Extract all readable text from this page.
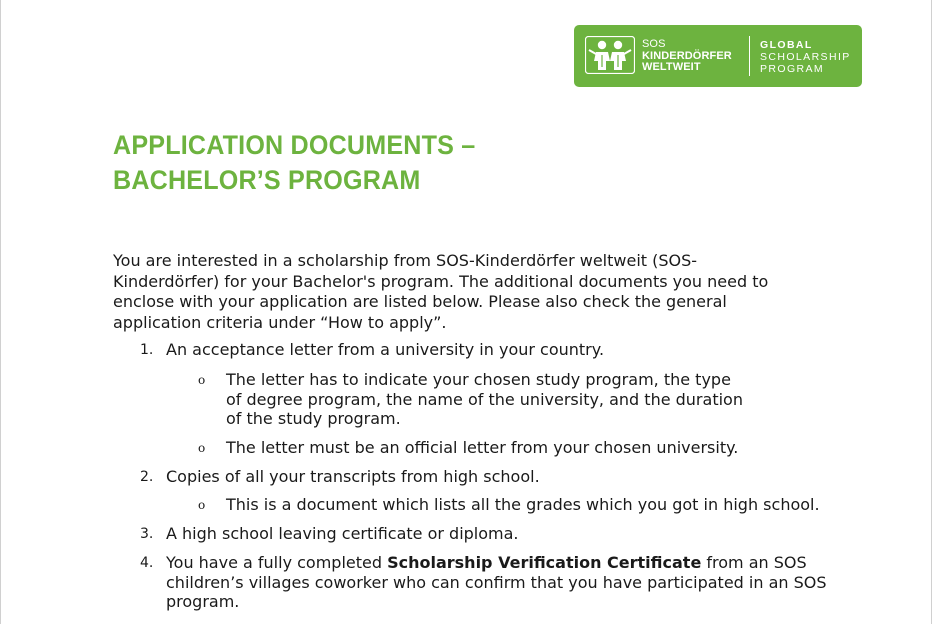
SOS
KINDERDÖRFER
WELTWEIT
GLOBAL
SCHOLARSHIP
PROGRAM
APPLICATION DOCUMENTS –
BACHELOR’S PROGRAM

You are interested in a scholarship from SOS-Kinderdörfer weltweit (SOS-
Kinderdörfer) for your Bachelor's program. The additional documents you need to
enclose with your application are listed below. Please also check the general
application criteria under “How to apply”.

1. An acceptance letter from a university in your country.
o The letter has to indicate your chosen study program, the type
of degree program, the name of the university, and the duration
of the study program.
o The letter must be an official letter from your chosen university.
2. Copies of all your transcripts from high school.
o This is a document which lists all the grades which you got in high school.
3. A high school leaving certificate or diploma.
4. You have a fully completed Scholarship Verification Certificate from an SOS
children’s villages coworker who can confirm that you have participated in an SOS
program.
